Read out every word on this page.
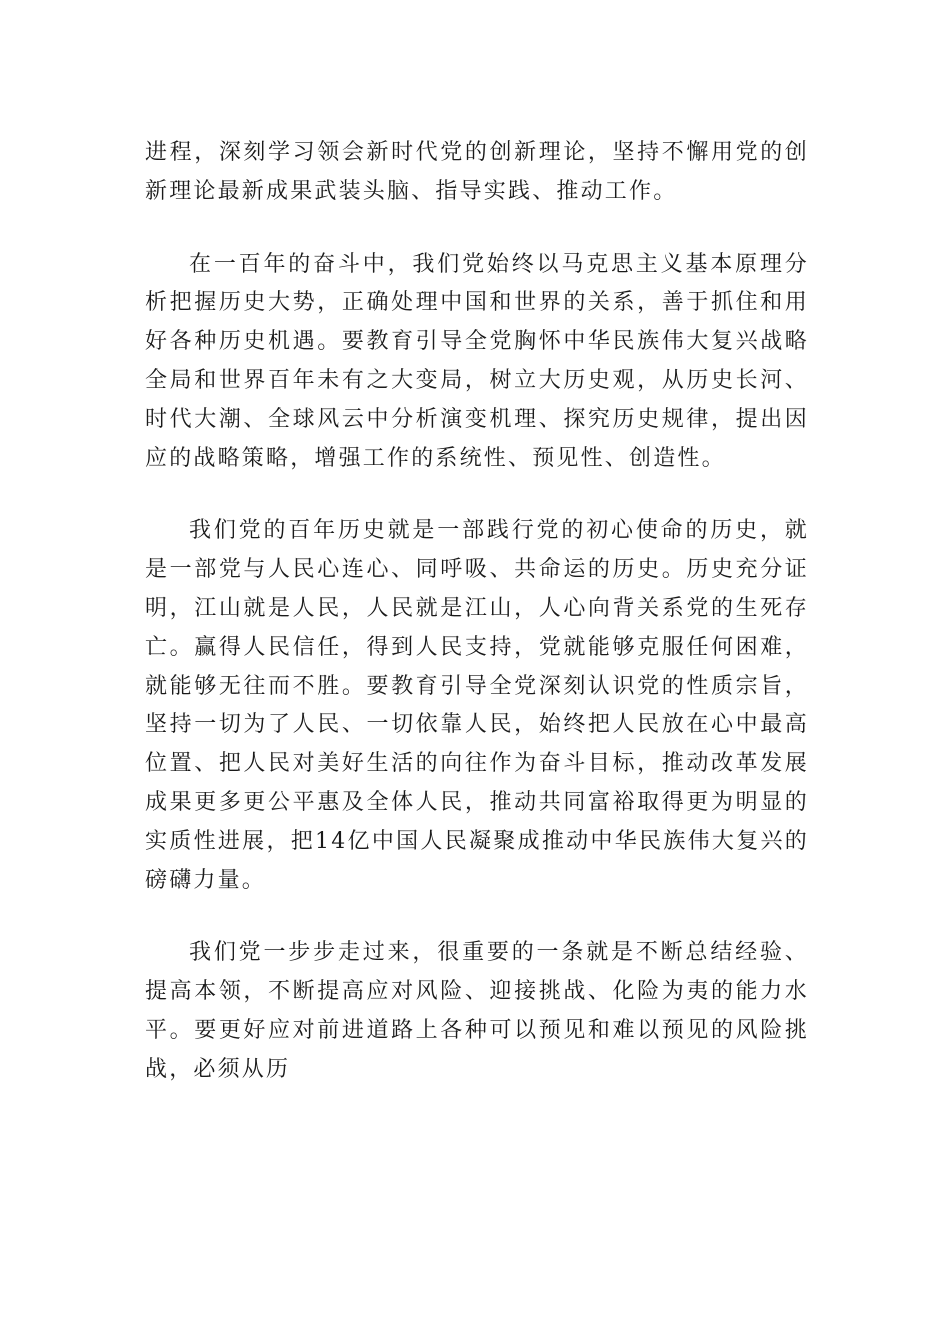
进程，深刻学习领会新时代党的创新理论，坚持不懈用党的创新理论最新成果武装头脑、指导实践、推动工作。

在一百年的奋斗中，我们党始终以马克思主义基本原理分析把握历史大势，正确处理中国和世界的关系，善于抓住和用好各种历史机遇。要教育引导全党胸怀中华民族伟大复兴战略全局和世界百年未有之大变局，树立大历史观，从历史长河、时代大潮、全球风云中分析演变机理、探究历史规律，提出因应的战略策略，增强工作的系统性、预见性、创造性。

我们党的百年历史就是一部践行党的初心使命的历史，就是一部党与人民心连心、同呼吸、共命运的历史。历史充分证明，江山就是人民，人民就是江山，人心向背关系党的生死存亡。赢得人民信任，得到人民支持，党就能够克服任何困难，就能够无往而不胜。要教育引导全党深刻认识党的性质宗旨，坚持一切为了人民、一切依靠人民，始终把人民放在心中最高位置、把人民对美好生活的向往作为奋斗目标，推动改革发展成果更多更公平惠及全体人民，推动共同富裕取得更为明显的实质性进展，把14亿中国人民凝聚成推动中华民族伟大复兴的磅礴力量。

我们党一步步走过来，很重要的一条就是不断总结经验、提高本领，不断提高应对风险、迎接挑战、化险为夷的能力水平。要更好应对前进道路上各种可以预见和难以预见的风险挑战，必须从历
